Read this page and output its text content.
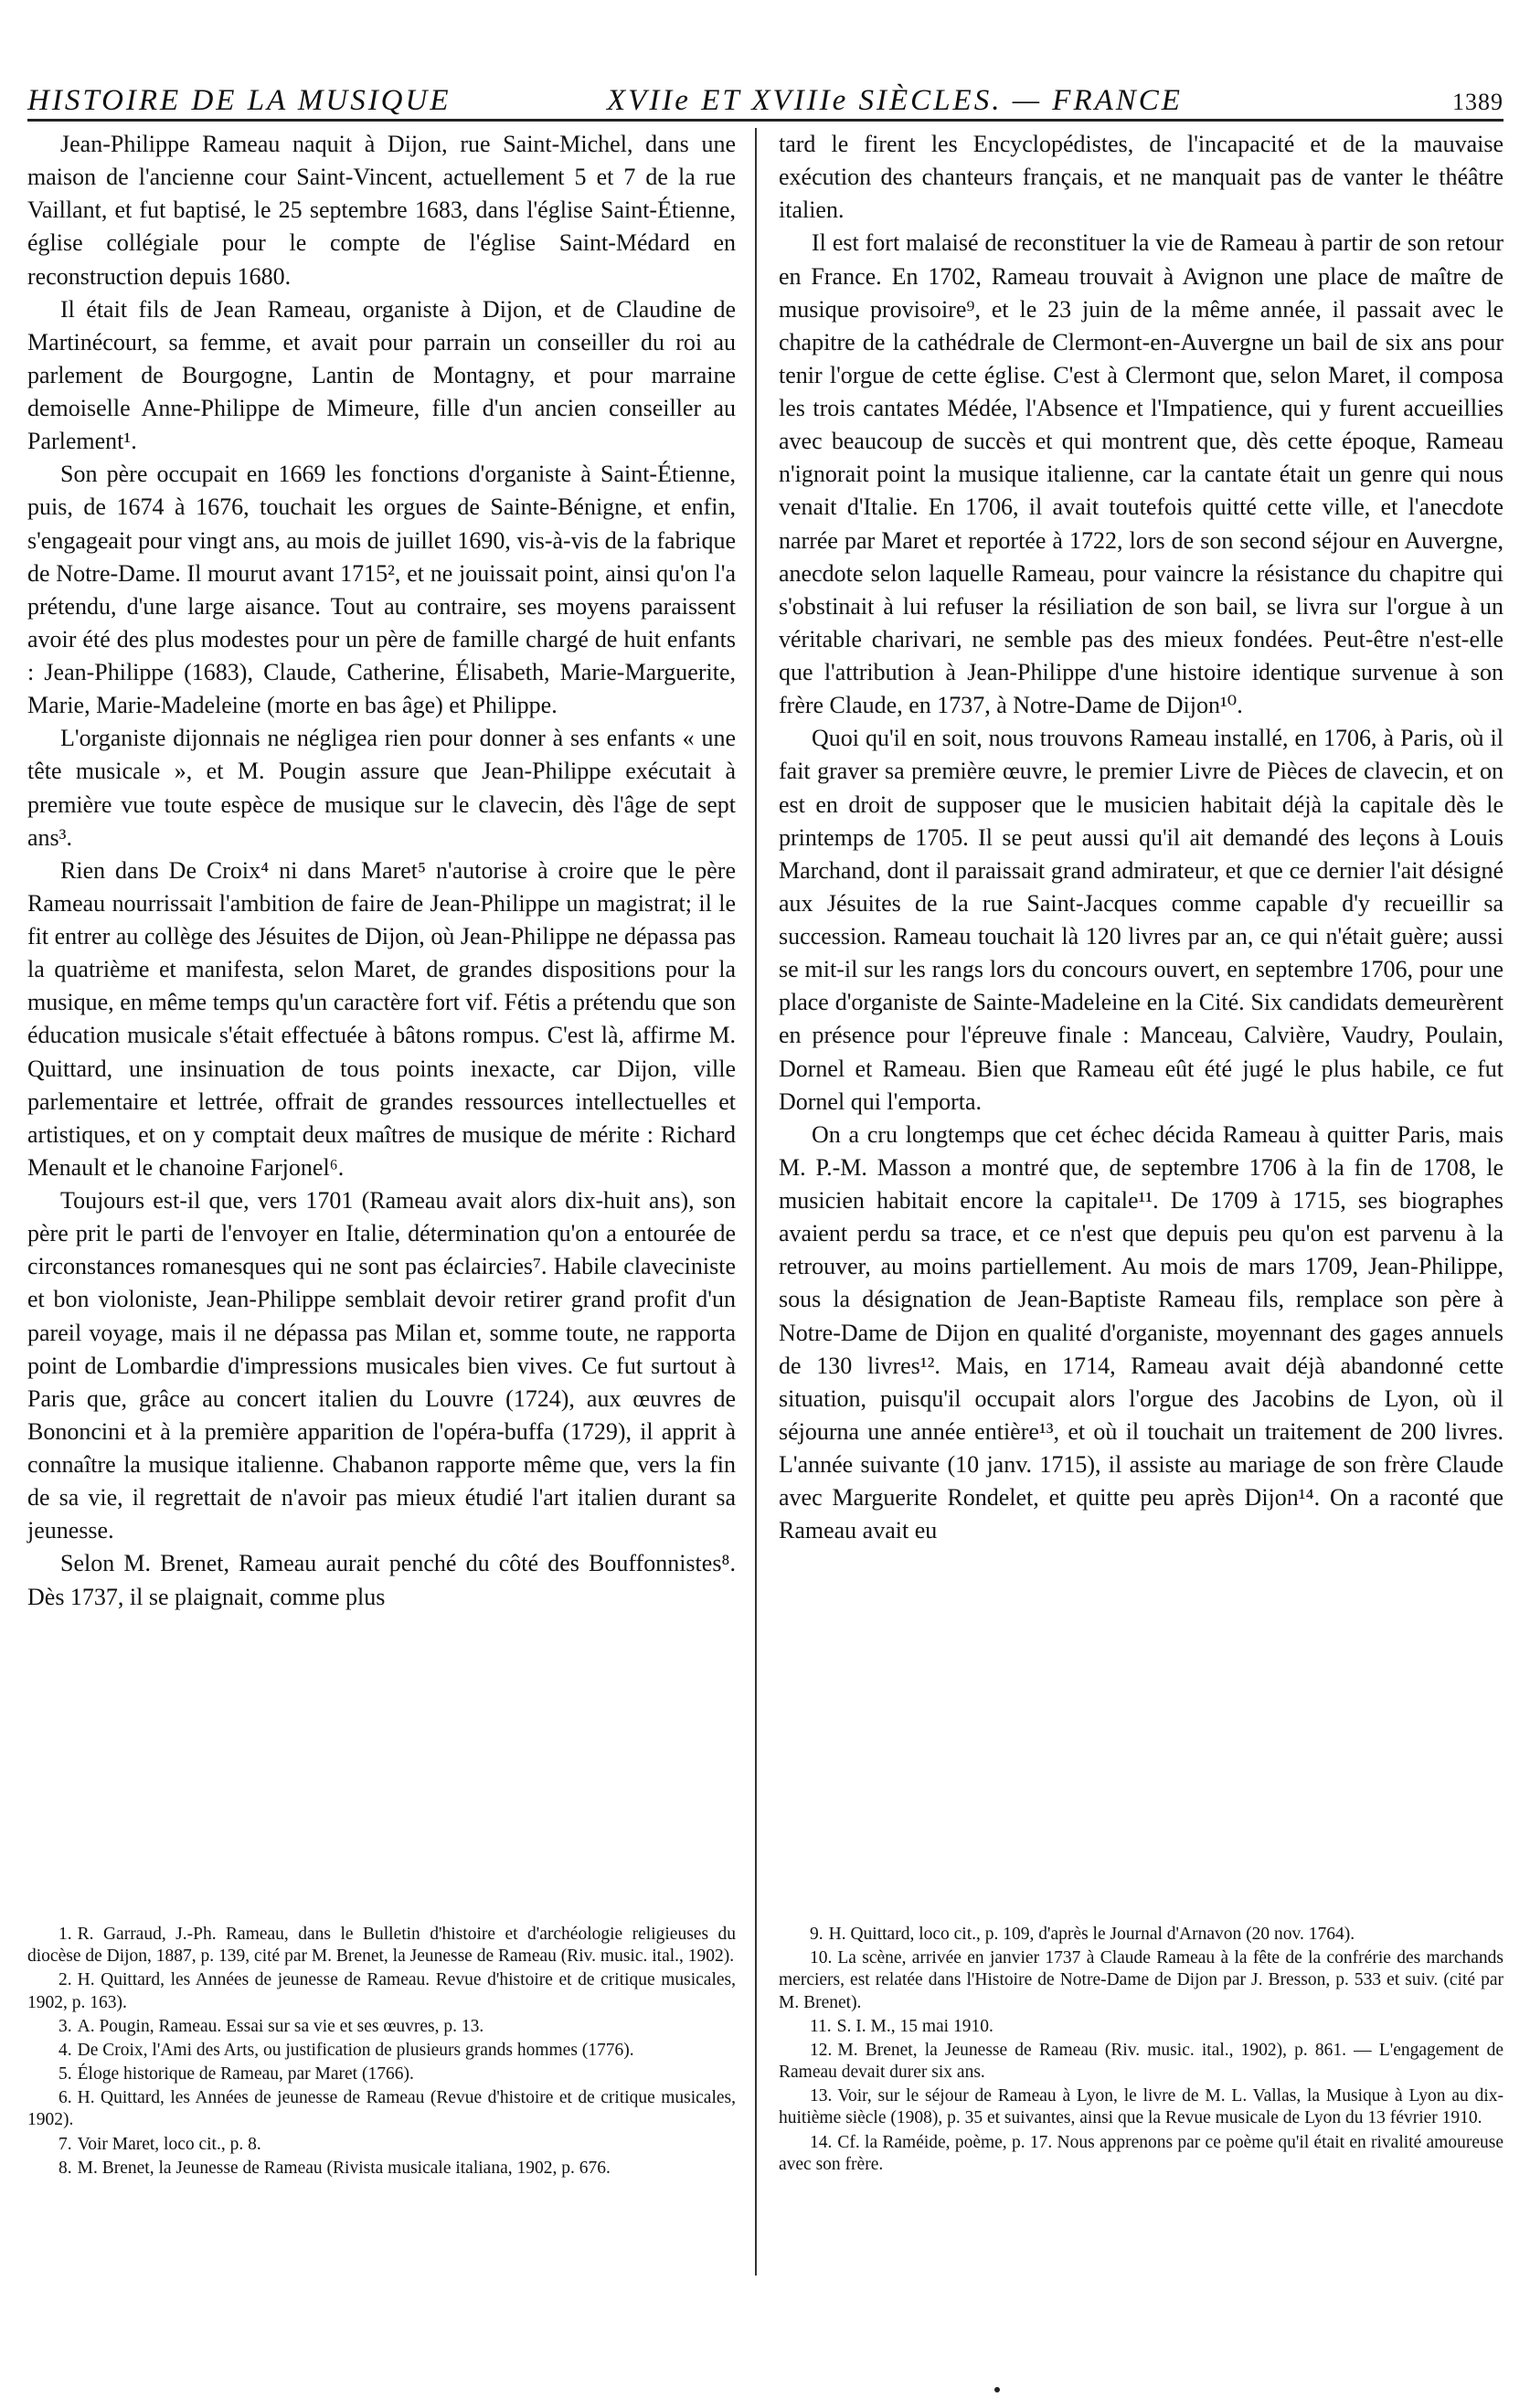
HISTOIRE DE LA MUSIQUE	XVIIe ET XVIIIe SIÈCLES. — FRANCE	1389

Jean-Philippe Rameau naquit à Dijon, rue Saint-Michel, dans une maison de l'ancienne cour Saint-Vincent, actuellement 5 et 7 de la rue Vaillant, et fut baptisé, le 25 septembre 1683, dans l'église Saint-Étienne, église collégiale pour le compte de l'église Saint-Médard en reconstruction depuis 1680.

Il était fils de Jean Rameau, organiste à Dijon, et de Claudine de Martinécourt, sa femme, et avait pour parrain un conseiller du roi au parlement de Bourgogne, Lantin de Montagny, et pour marraine demoiselle Anne-Philippe de Mimeure, fille d'un ancien conseiller au Parlement¹.

Son père occupait en 1669 les fonctions d'organiste à Saint-Étienne, puis, de 1674 à 1676, touchait les orgues de Sainte-Bénigne, et enfin, s'engageait pour vingt ans, au mois de juillet 1690, vis-à-vis de la fabrique de Notre-Dame. Il mourut avant 1715², et ne jouissait point, ainsi qu'on l'a prétendu, d'une large aisance. Tout au contraire, ses moyens paraissent avoir été des plus modestes pour un père de famille chargé de huit enfants : Jean-Philippe (1683), Claude, Catherine, Élisabeth, Marie-Marguerite, Marie, Marie-Madeleine (morte en bas âge) et Philippe.

L'organiste dijonnais ne négligea rien pour donner à ses enfants « une tête musicale », et M. Pougin assure que Jean-Philippe exécutait à première vue toute espèce de musique sur le clavecin, dès l'âge de sept ans³.

Rien dans De Croix⁴ ni dans Maret⁵ n'autorise à croire que le père Rameau nourrissait l'ambition de faire de Jean-Philippe un magistrat; il le fit entrer au collège des Jésuites de Dijon, où Jean-Philippe ne dépassa pas la quatrième et manifesta, selon Maret, de grandes dispositions pour la musique, en même temps qu'un caractère fort vif. Fétis a prétendu que son éducation musicale s'était effectuée à bâtons rompus. C'est là, affirme M. Quittard, une insinuation de tous points inexacte, car Dijon, ville parlementaire et lettrée, offrait de grandes ressources intellectuelles et artistiques, et on y comptait deux maîtres de musique de mérite : Richard Menault et le chanoine Farjonel⁶.

Toujours est-il que, vers 1701 (Rameau avait alors dix-huit ans), son père prit le parti de l'envoyer en Italie, détermination qu'on a entourée de circonstances romanesques qui ne sont pas éclaircies⁷. Habile claveciniste et bon violoniste, Jean-Philippe semblait devoir retirer grand profit d'un pareil voyage, mais il ne dépassa pas Milan et, somme toute, ne rapporta point de Lombardie d'impressions musicales bien vives. Ce fut surtout à Paris que, grâce au concert italien du Louvre (1724), aux œuvres de Bononcini et à la première apparition de l'opéra-buffa (1729), il apprit à connaître la musique italienne. Chabanon rapporte même que, vers la fin de sa vie, il regrettait de n'avoir pas mieux étudié l'art italien durant sa jeunesse.

Selon M. Brenet, Rameau aurait penché du côté des Bouffonnistes⁸. Dès 1737, il se plaignait, comme plus

tard le firent les Encyclopédistes, de l'incapacité et de la mauvaise exécution des chanteurs français, et ne manquait pas de vanter le théâtre italien.

Il est fort malaisé de reconstituer la vie de Rameau à partir de son retour en France. En 1702, Rameau trouvait à Avignon une place de maître de musique provisoire⁹, et le 23 juin de la même année, il passait avec le chapitre de la cathédrale de Clermont-en-Auvergne un bail de six ans pour tenir l'orgue de cette église. C'est à Clermont que, selon Maret, il composa les trois cantates Médée, l'Absence et l'Impatience, qui y furent accueillies avec beaucoup de succès et qui montrent que, dès cette époque, Rameau n'ignorait point la musique italienne, car la cantate était un genre qui nous venait d'Italie. En 1706, il avait toutefois quitté cette ville, et l'anecdote narrée par Maret et reportée à 1722, lors de son second séjour en Auvergne, anecdote selon laquelle Rameau, pour vaincre la résistance du chapitre qui s'obstinait à lui refuser la résiliation de son bail, se livra sur l'orgue à un véritable charivari, ne semble pas des mieux fondées. Peut-être n'est-elle que l'attribution à Jean-Philippe d'une histoire identique survenue à son frère Claude, en 1737, à Notre-Dame de Dijon¹⁰.

Quoi qu'il en soit, nous trouvons Rameau installé, en 1706, à Paris, où il fait graver sa première œuvre, le premier Livre de Pièces de clavecin, et on est en droit de supposer que le musicien habitait déjà la capitale dès le printemps de 1705. Il se peut aussi qu'il ait demandé des leçons à Louis Marchand, dont il paraissait grand admirateur, et que ce dernier l'ait désigné aux Jésuites de la rue Saint-Jacques comme capable d'y recueillir sa succession. Rameau touchait là 120 livres par an, ce qui n'était guère; aussi se mit-il sur les rangs lors du concours ouvert, en septembre 1706, pour une place d'organiste de Sainte-Madeleine en la Cité. Six candidats demeurèrent en présence pour l'épreuve finale : Manceau, Calvière, Vaudry, Poulain, Dornel et Rameau. Bien que Rameau eût été jugé le plus habile, ce fut Dornel qui l'emporta.

On a cru longtemps que cet échec décida Rameau à quitter Paris, mais M. P.-M. Masson a montré que, de septembre 1706 à la fin de 1708, le musicien habitait encore la capitale¹¹. De 1709 à 1715, ses biographes avaient perdu sa trace, et ce n'est que depuis peu qu'on est parvenu à la retrouver, au moins partiellement. Au mois de mars 1709, Jean-Philippe, sous la désignation de Jean-Baptiste Rameau fils, remplace son père à Notre-Dame de Dijon en qualité d'organiste, moyennant des gages annuels de 130 livres¹². Mais, en 1714, Rameau avait déjà abandonné cette situation, puisqu'il occupait alors l'orgue des Jacobins de Lyon, où il séjourna une année entière¹³, et où il touchait un traitement de 200 livres. L'année suivante (10 janv. 1715), il assiste au mariage de son frère Claude avec Marguerite Rondelet, et quitte peu après Dijon¹⁴. On a raconté que Rameau avait eu

1. R. Garraud, J.-Ph. Rameau, dans le Bulletin d'histoire et d'archéologie religieuses du diocèse de Dijon, 1887, p. 139, cité par M. Brenet, la Jeunesse de Rameau (Riv. music. ital., 1902).

2. H. Quittard, les Années de jeunesse de Rameau. Revue d'histoire et de critique musicales, 1902, p. 163).

3. A. Pougin, Rameau. Essai sur sa vie et ses œuvres, p. 13.

4. De Croix, l'Ami des Arts, ou justification de plusieurs grands hommes (1776).

5. Éloge historique de Rameau, par Maret (1766).

6. H. Quittard, les Années de jeunesse de Rameau (Revue d'histoire et de critique musicales, 1902).

7. Voir Maret, loco cit., p. 8.

8. M. Brenet, la Jeunesse de Rameau (Rivista musicale italiana, 1902, p. 676.

9. H. Quittard, loco cit., p. 109, d'après le Journal d'Arnavon (20 nov. 1764).

10. La scène, arrivée en janvier 1737 à Claude Rameau à la fête de la confrérie des marchands merciers, est relatée dans l'Histoire de Notre-Dame de Dijon par J. Bresson, p. 533 et suiv. (cité par M. Brenet).

11. S. I. M., 15 mai 1910.

12. M. Brenet, la Jeunesse de Rameau (Riv. music. ital., 1902), p. 861. — L'engagement de Rameau devait durer six ans.

13. Voir, sur le séjour de Rameau à Lyon, le livre de M. L. Vallas, la Musique à Lyon au dix-huitième siècle (1908), p. 35 et suivantes, ainsi que la Revue musicale de Lyon du 13 février 1910.

14. Cf. la Raméide, poème, p. 17. Nous apprenons par ce poème qu'il était en rivalité amoureuse avec son frère.
